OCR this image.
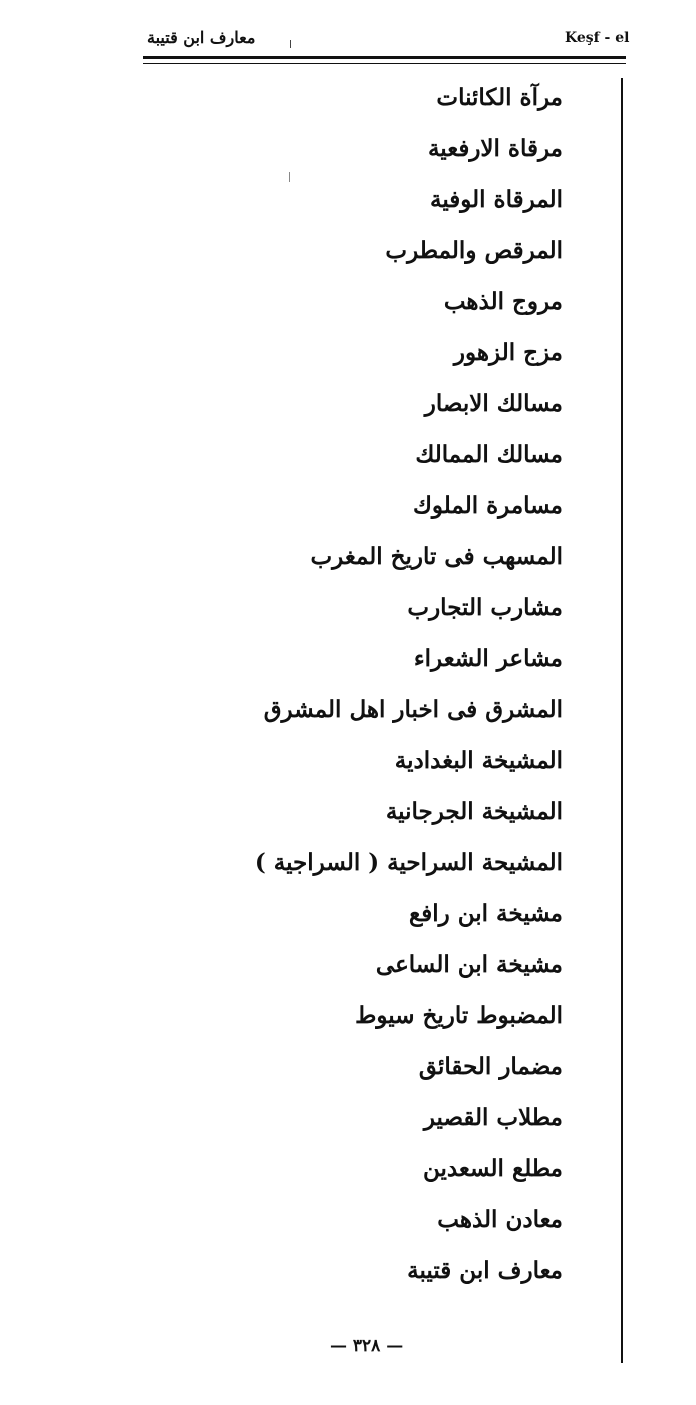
معارف ابن قتيبة	Keşf - el
مرآة الكائنات
مرقاة الارفعية
المرقاة الوفية
المرقص والمطرب
مروج الذهب
مزج الزهور
مسالك الابصار
مسالك الممالك
مسامرة الملوك
المسهب فى تاريخ المغرب
مشارب التجارب
مشاعر الشعراء
المشرق فى اخبار اهل المشرق
المشيخة البغدادية
المشيخة الجرجانية
المشيحة السراحية ( السراجية )
مشيخة ابن رافع
مشيخة ابن الساعى
المضبوط تاريخ سيوط
مضمار الحقائق
مطلاب القصير
مطلع السعدين
معادن الذهب
معارف ابن قتيبة
— ٣٢٨ —
